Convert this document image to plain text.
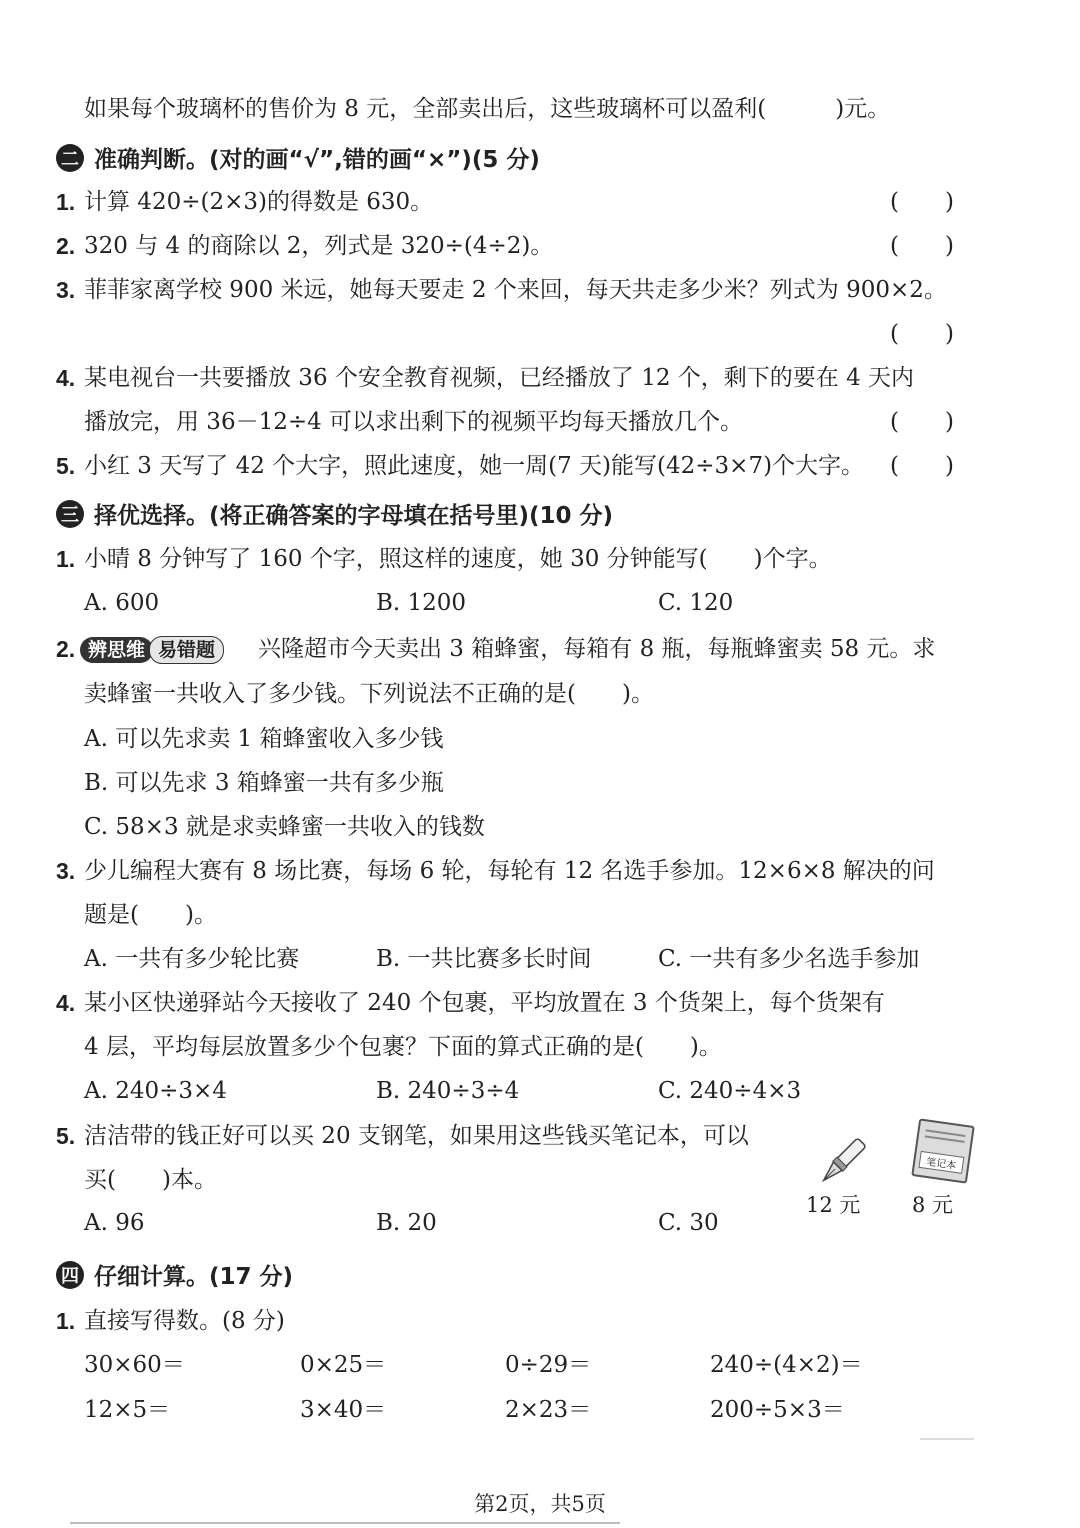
如果每个玻璃杯的售价为 8 元，全部卖出后，这些玻璃杯可以盈利(　　　)元。
二 准确判断。(对的画“√”,错的画“×”)(5 分)
1. 计算 420÷(2×3)的得数是 630。	(　　)
2. 320 与 4 的商除以 2，列式是 320÷(4÷2)。	(　　)
3. 菲菲家离学校 900 米远，她每天要走 2 个来回，每天共走多少米？列式为 900×2。
(　　)
4. 某电视台一共要播放 36 个安全教育视频，已经播放了 12 个，剩下的要在 4 天内
播放完，用 36－12÷4 可以求出剩下的视频平均每天播放几个。	(　　)
5. 小红 3 天写了 42 个大字，照此速度，她一周(7 天)能写(42÷3×7)个大字。 (　　)
三 择优选择。(将正确答案的字母填在括号里)(10 分)
1. 小晴 8 分钟写了 160 个字，照这样的速度，她 30 分钟能写(　　)个字。
A. 600	B. 1200	C. 120
2. 辨思维 易错题	兴隆超市今天卖出 3 箱蜂蜜，每箱有 8 瓶，每瓶蜂蜜卖 58 元。求
卖蜂蜜一共收入了多少钱。下列说法不正确的是(　　)。
A. 可以先求卖 1 箱蜂蜜收入多少钱
B. 可以先求 3 箱蜂蜜一共有多少瓶
C. 58×3 就是求卖蜂蜜一共收入的钱数
3. 少儿编程大赛有 8 场比赛，每场 6 轮，每轮有 12 名选手参加。12×6×8 解决的问
题是(　　)。
A. 一共有多少轮比赛	B. 一共比赛多长时间	C. 一共有多少名选手参加
4. 某小区快递驿站今天接收了 240 个包裹，平均放置在 3 个货架上，每个货架有
4 层，平均每层放置多少个包裹？下面的算式正确的是(　　)。
A. 240÷3×4	B. 240÷3÷4	C. 240÷4×3
5. 洁洁带的钱正好可以买 20 支钢笔，如果用这些钱买笔记本，可以
买(　　)本。
A. 96	B. 20	C. 30
12 元
笔记本
8 元
四 仔细计算。(17 分)
1. 直接写得数。(8 分)
30×60＝	0×25＝	0÷29＝	240÷(4×2)＝
12×5＝	3×40＝	2×23＝	200÷5×3＝
第2页，共5页
